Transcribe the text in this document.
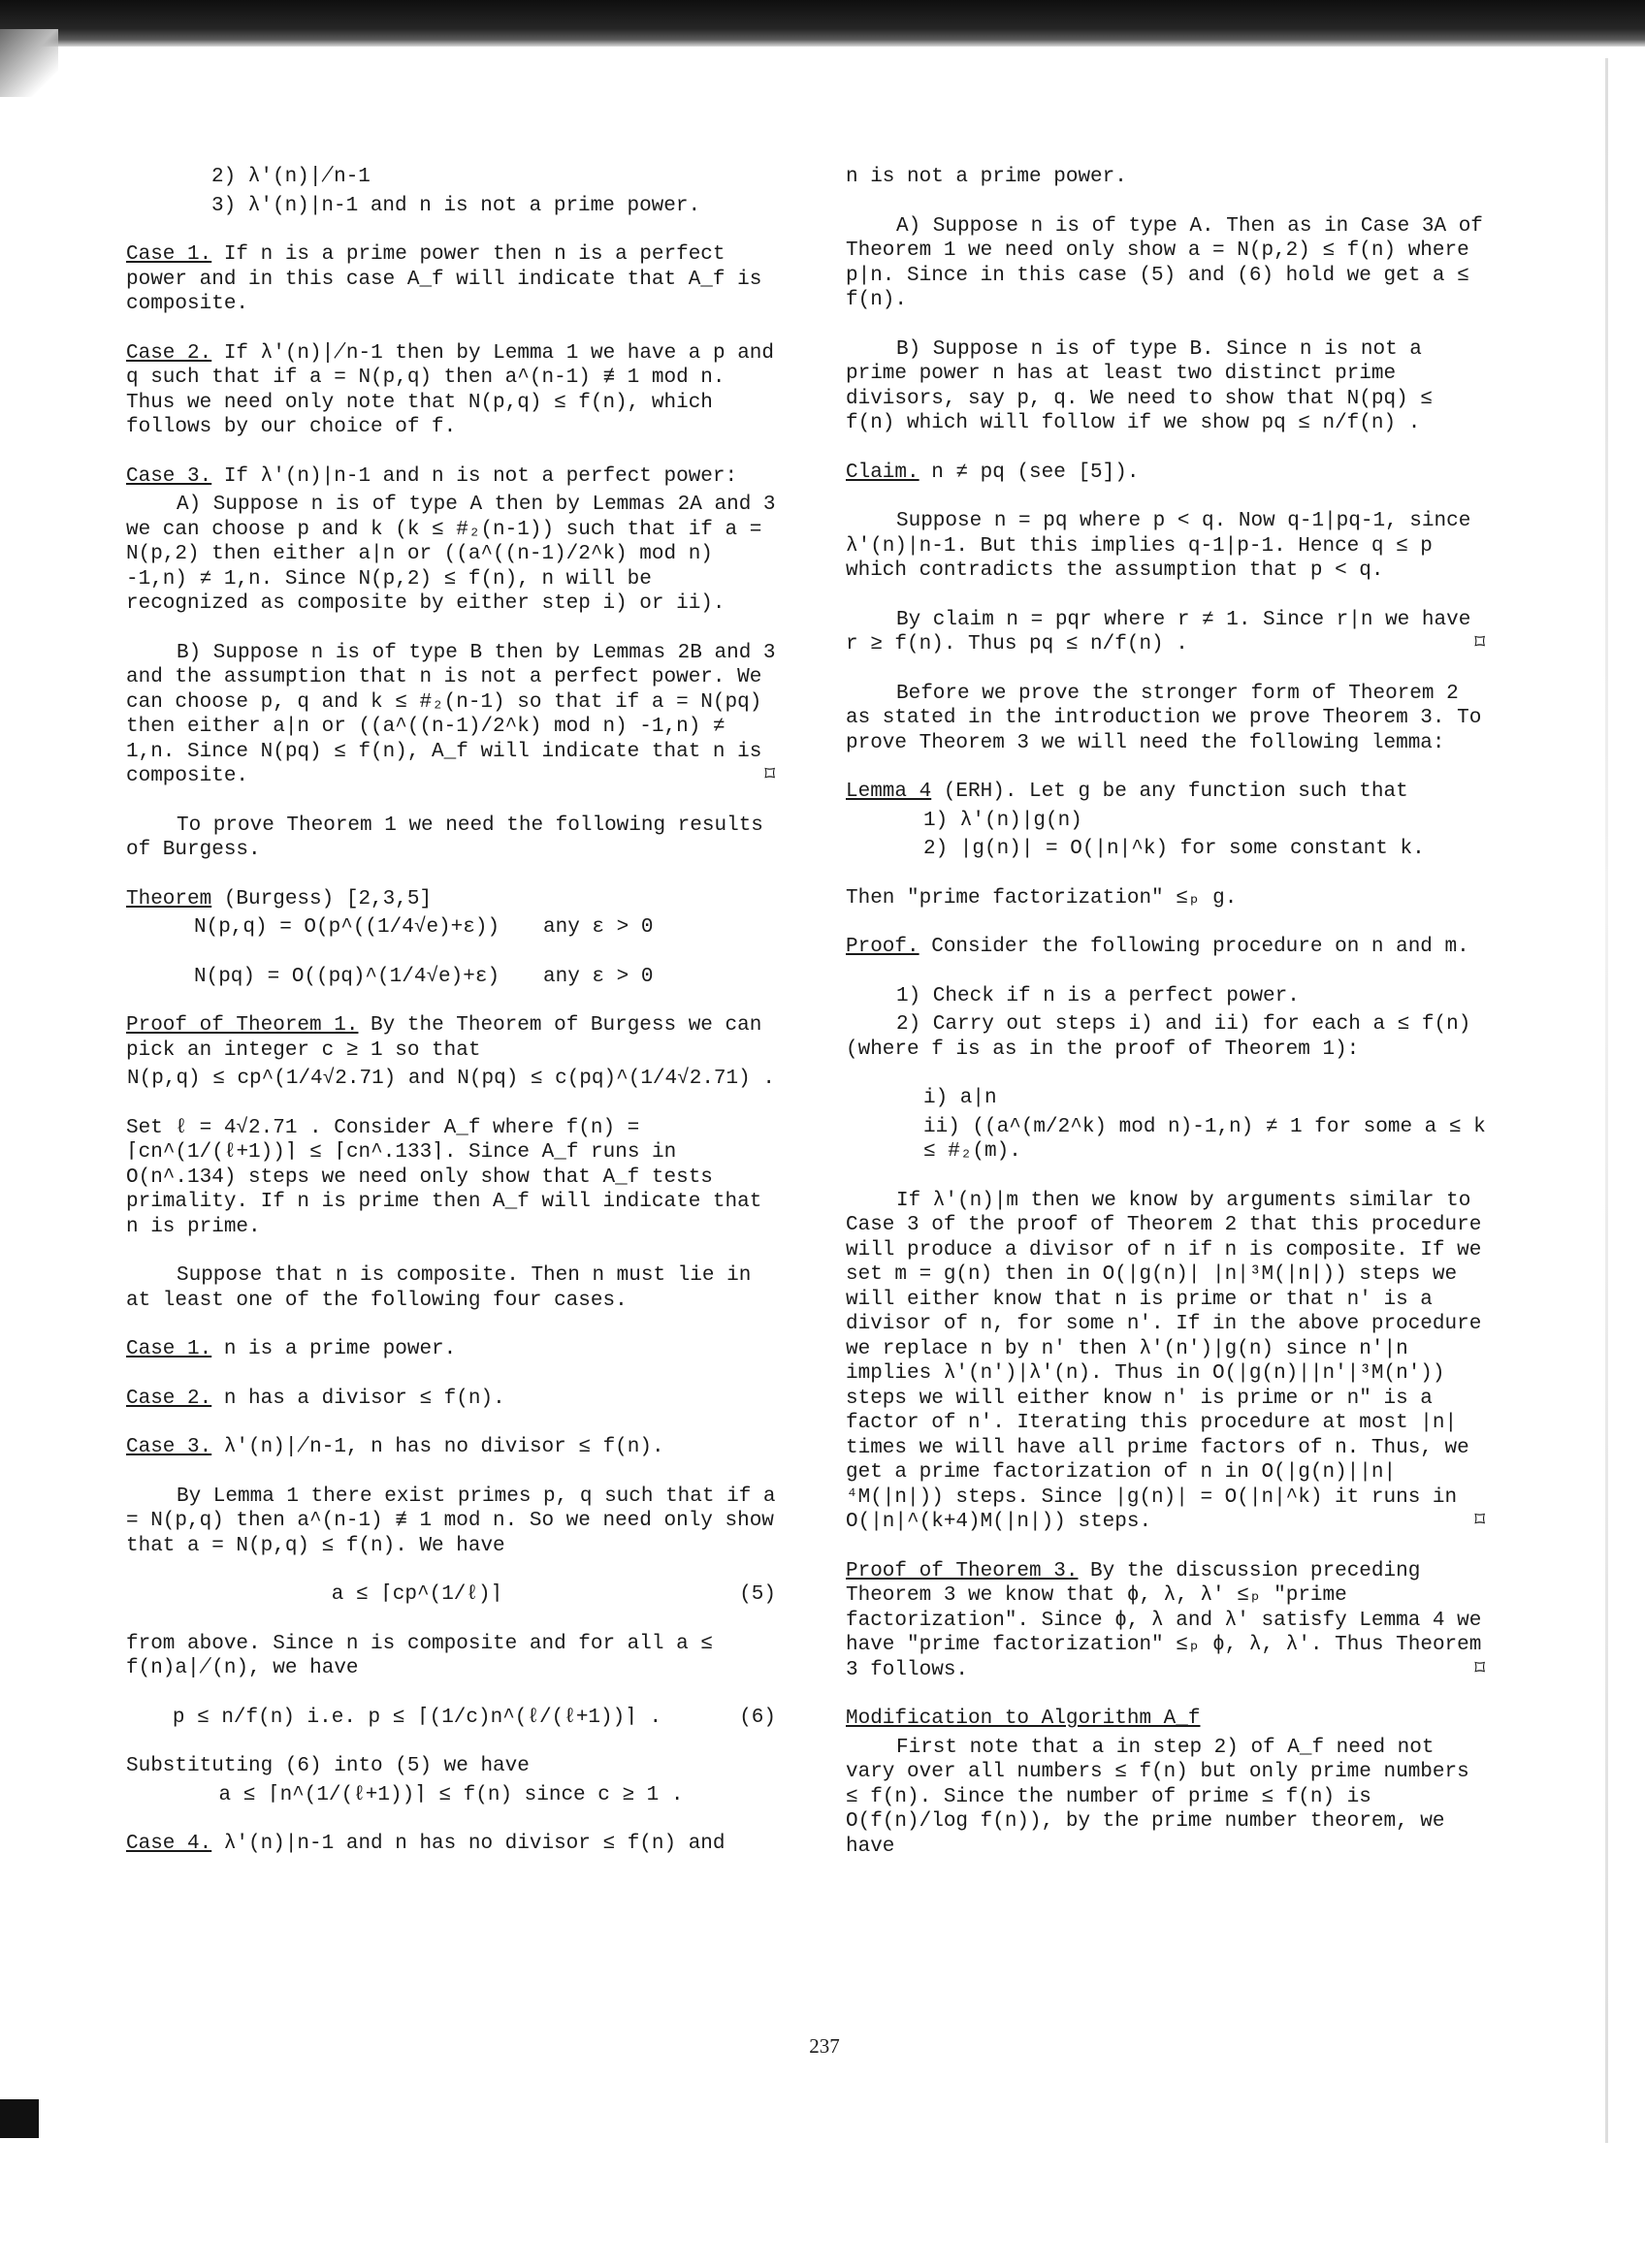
2) λ'(n)∤n-1

3) λ'(n)|n-1 and n is not a prime power.

Case 1. If n is a prime power then n is a perfect power and in this case A_f will indicate that A_f is composite.

Case 2. If λ'(n)∤n-1 then by Lemma 1 we have a p and q such that if a = N(p,q) then a^(n-1) ≢ 1 mod n. Thus we need only note that N(p,q) ≤ f(n), which follows by our choice of f.

Case 3. If λ'(n)|n-1 and n is not a perfect power:

A) Suppose n is of type A then by Lemmas 2A and 3 we can choose p and k (k ≤ #₂(n-1)) such that if a = N(p,2) then either a|n or ((a^((n-1)/2^k) mod n) -1,n) ≠ 1,n. Since N(p,2) ≤ f(n), n will be recognized as composite by either step i) or ii).

B) Suppose n is of type B then by Lemmas 2B and 3 and the assumption that n is not a perfect power. We can choose p, q and k ≤ #₂(n-1) so that if a = N(pq) then either a|n or ((a^((n-1)/2^k) mod n) -1,n) ≠ 1,n. Since N(pq) ≤ f(n), A_f will indicate that n is composite.	⌑

To prove Theorem 1 we need the following results of Burgess.

Theorem (Burgess) [2,3,5]

N(p,q) = O(p^((1/4√e)+ε))	any ε > 0
N(pq) = O((pq)^(1/4√e)+ε)	any ε > 0

Proof of Theorem 1. By the Theorem of Burgess we can pick an integer c ≥ 1 so that

N(p,q) ≤ cp^(1/4√2.71) and N(pq) ≤ c(pq)^(1/4√2.71) .

Set ℓ = 4√2.71 . Consider A_f where f(n) = ⌈cn^(1/(ℓ+1))⌉ ≤ ⌈cn^.133⌉. Since A_f runs in O(n^.134) steps we need only show that A_f tests primality. If n is prime then A_f will indicate that n is prime.

Suppose that n is composite. Then n must lie in at least one of the following four cases.

Case 1. n is a prime power.

Case 2. n has a divisor ≤ f(n).

Case 3. λ'(n)∤n-1, n has no divisor ≤ f(n).

By Lemma 1 there exist primes p, q such that if a = N(p,q) then a^(n-1) ≢ 1 mod n. So we need only show that a = N(p,q) ≤ f(n). We have

a ≤ ⌈cp^(1/ℓ)⌉	(5)

from above. Since n is composite and for all a ≤ f(n)a∤(n), we have

p ≤ n/f(n) i.e. p ≤ ⌈(1/c)n^(ℓ/(ℓ+1))⌉ .	(6)

Substituting (6) into (5) we have

a ≤ ⌈n^(1/(ℓ+1))⌉ ≤ f(n) since c ≥ 1 .

Case 4. λ'(n)|n-1 and n has no divisor ≤ f(n) and

n is not a prime power.

A) Suppose n is of type A. Then as in Case 3A of Theorem 1 we need only show a = N(p,2) ≤ f(n) where p|n. Since in this case (5) and (6) hold we get a ≤ f(n).

B) Suppose n is of type B. Since n is not a prime power n has at least two distinct prime divisors, say p, q. We need to show that N(pq) ≤ f(n) which will follow if we show pq ≤ n/f(n) .

Claim. n ≠ pq (see [5]).

Suppose n = pq where p < q. Now q-1|pq-1, since λ'(n)|n-1. But this implies q-1|p-1. Hence q ≤ p which contradicts the assumption that p < q.

By claim n = pqr where r ≠ 1. Since r|n we have r ≥ f(n). Thus pq ≤ n/f(n) .	⌑

Before we prove the stronger form of Theorem 2 as stated in the introduction we prove Theorem 3. To prove Theorem 3 we will need the following lemma:

Lemma 4 (ERH). Let g be any function such that

1) λ'(n)|g(n)

2) |g(n)| = O(|n|^k) for some constant k.

Then "prime factorization" ≤ₚ g.

Proof. Consider the following procedure on n and m.

1) Check if n is a perfect power.

2) Carry out steps i) and ii) for each a ≤ f(n) (where f is as in the proof of Theorem 1):

i) a|n

ii) ((a^(m/2^k) mod n)-1,n) ≠ 1 for some a ≤ k ≤ #₂(m).

If λ'(n)|m then we know by arguments similar to Case 3 of the proof of Theorem 2 that this procedure will produce a divisor of n if n is composite. If we set m = g(n) then in O(|g(n)| |n|³M(|n|)) steps we will either know that n is prime or that n' is a divisor of n, for some n'. If in the above procedure we replace n by n' then λ'(n')|g(n) since n'|n implies λ'(n')|λ'(n). Thus in O(|g(n)||n'|³M(n')) steps we will either know n' is prime or n" is a factor of n'. Iterating this procedure at most |n| times we will have all prime factors of n. Thus, we get a prime factorization of n in O(|g(n)||n|⁴M(|n|)) steps. Since |g(n)| = O(|n|^k) it runs in O(|n|^(k+4)M(|n|)) steps.	⌑

Proof of Theorem 3. By the discussion preceding Theorem 3 we know that ϕ, λ, λ' ≤ₚ "prime factorization". Since ϕ, λ and λ' satisfy Lemma 4 we have "prime factorization" ≤ₚ ϕ, λ, λ'. Thus Theorem 3 follows.	⌑

Modification to Algorithm A_f

First note that a in step 2) of A_f need not vary over all numbers ≤ f(n) but only prime numbers ≤ f(n). Since the number of prime ≤ f(n) is O(f(n)/log f(n)), by the prime number theorem, we have

237
